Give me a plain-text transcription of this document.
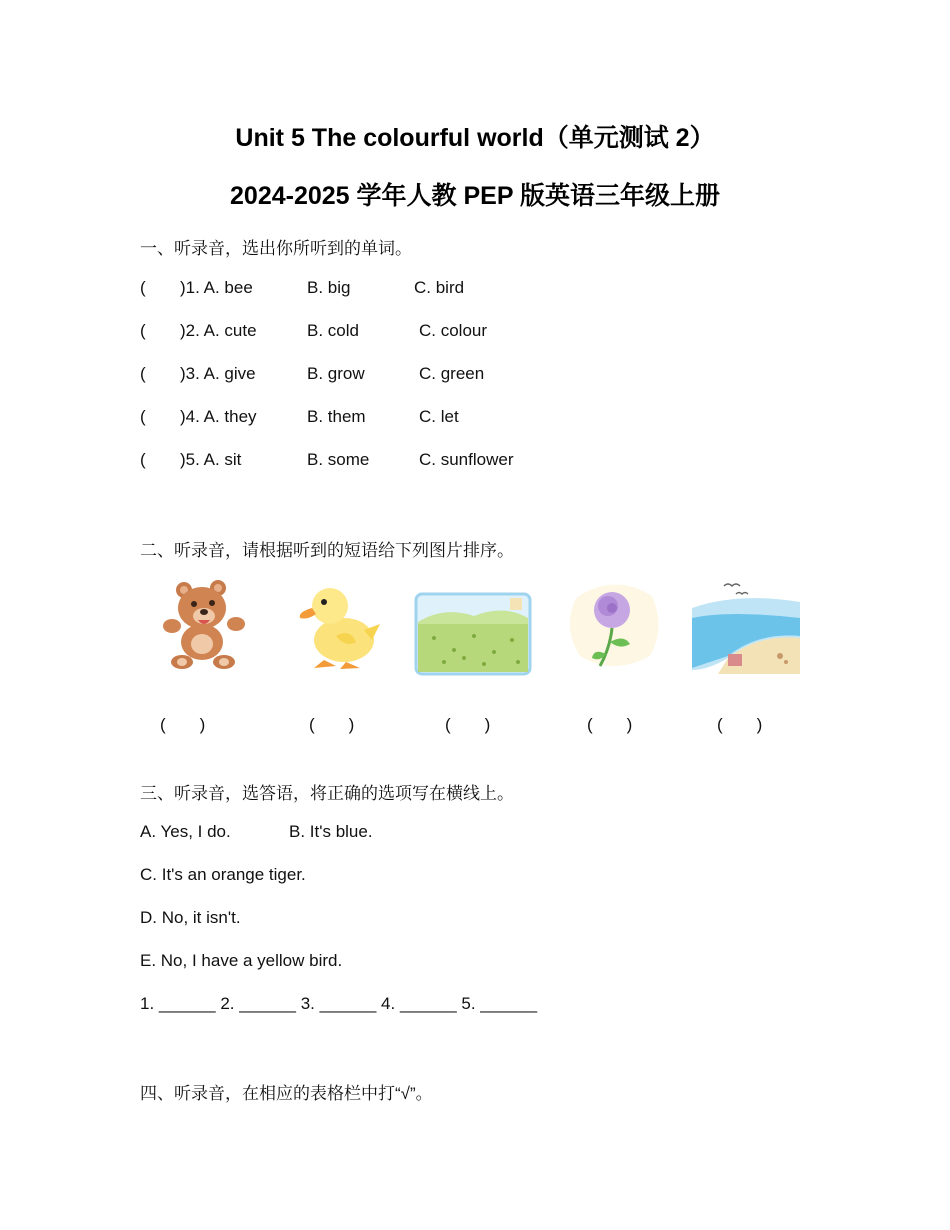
Unit 5 The colourful world（单元测试 2）
2024-2025 学年人教 PEP 版英语三年级上册
一、听录音，选出你所听到的单词。
( )1. A. bee	B. big	C. bird
( )2. A. cute	B. cold	C. colour
( )3. A. give	B. grow	C. green
( )4. A. they	B. them	C. let
( )5. A. sit	B. some	C. sunflower
二、听录音，请根据听到的短语给下列图片排序。
(　　)	(　　)	(　　)	(　　)	(　　)
三、听录音，选答语，将正确的选项写在横线上。
A. Yes, I do.	B. It's blue.
C. It's an orange tiger.
D. No, it isn't.
E. No, I have a yellow bird.
1. ______ 2. ______ 3. ______ 4. ______ 5. ______
四、听录音，在相应的表格栏中打“√”。
